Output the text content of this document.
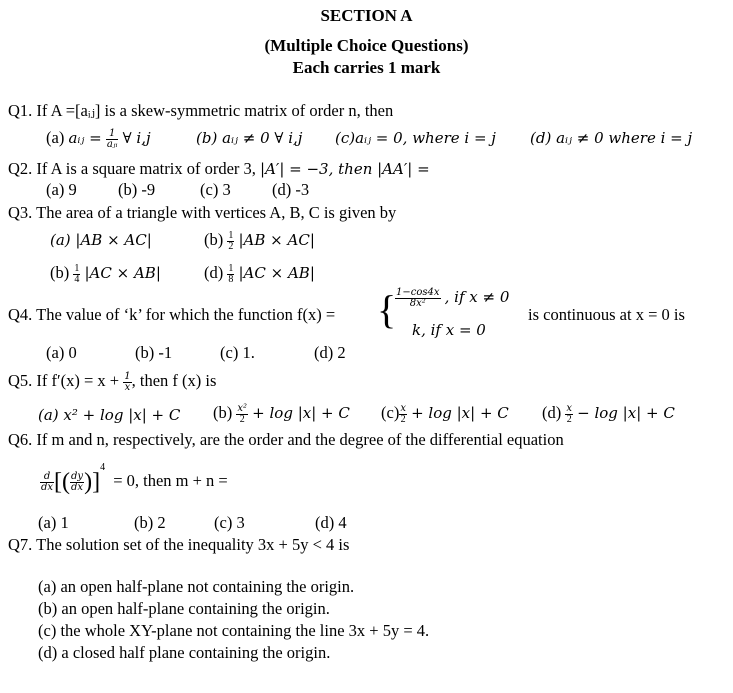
SECTION A
(Multiple Choice Questions)
Each carries 1 mark
Q1. If A =[aᵢⱼ] is a skew-symmetric matrix of order n, then
(a) aᵢⱼ = $\frac{1}{\text{aⱼᵢ}}$ ∀ i,j	(b) aᵢⱼ ≠ 0 ∀ i,j (c)aᵢⱼ = 0, where i = j (d) aᵢⱼ ≠ 0 where i = j
Q2. If A is a square matrix of order 3, |A′| = −3, then |AA′| =
(a) 9	(b) -9	(c) 3	(d) -3
Q3. The area of a triangle with vertices A, B, C is given by
(a) |AB × AC|	$(b) \frac{1}{2} |AB \times AC|$
$(b) \frac{1}{4} |AC \times AB|$	$(d) \frac{1}{8} |AC \times AB|$
Q4. The value of ‘k’ for which the function f(x) = {
$\frac{1-\cos 4x}{\text{8x²}}$ , if x ≠ 0
k, if x = 0
is continuous at x = 0 is
(a) 0	(b) -1	(c) 1.	(d) 2
Q5. If $f'(x) = x + \frac{1}{x}$ , then f (x) is
(a) x² + log |x| + C $(b) \frac{\text{x²}}{2} + \log |x| + C$ $(c) \frac{x}{2} + \log |x| + C$ $(d) \frac{x}{2} - \log |x| + C$
Q6. If m and n, respectively, are the order and the degree of the differential equation
$\frac{d}{dx}$ [( $\frac{dy}{dx} )]^4 = 0$, then m + n =
(a) 1	(b) 2	(c) 3	(d) 4
Q7. The solution set of the inequality 3x + 5y < 4 is
(a) an open half-plane not containing the origin.
(b) an open half-plane containing the origin.
(c) the whole XY-plane not containing the line 3x + 5y = 4.
(d) a closed half plane containing the origin.
